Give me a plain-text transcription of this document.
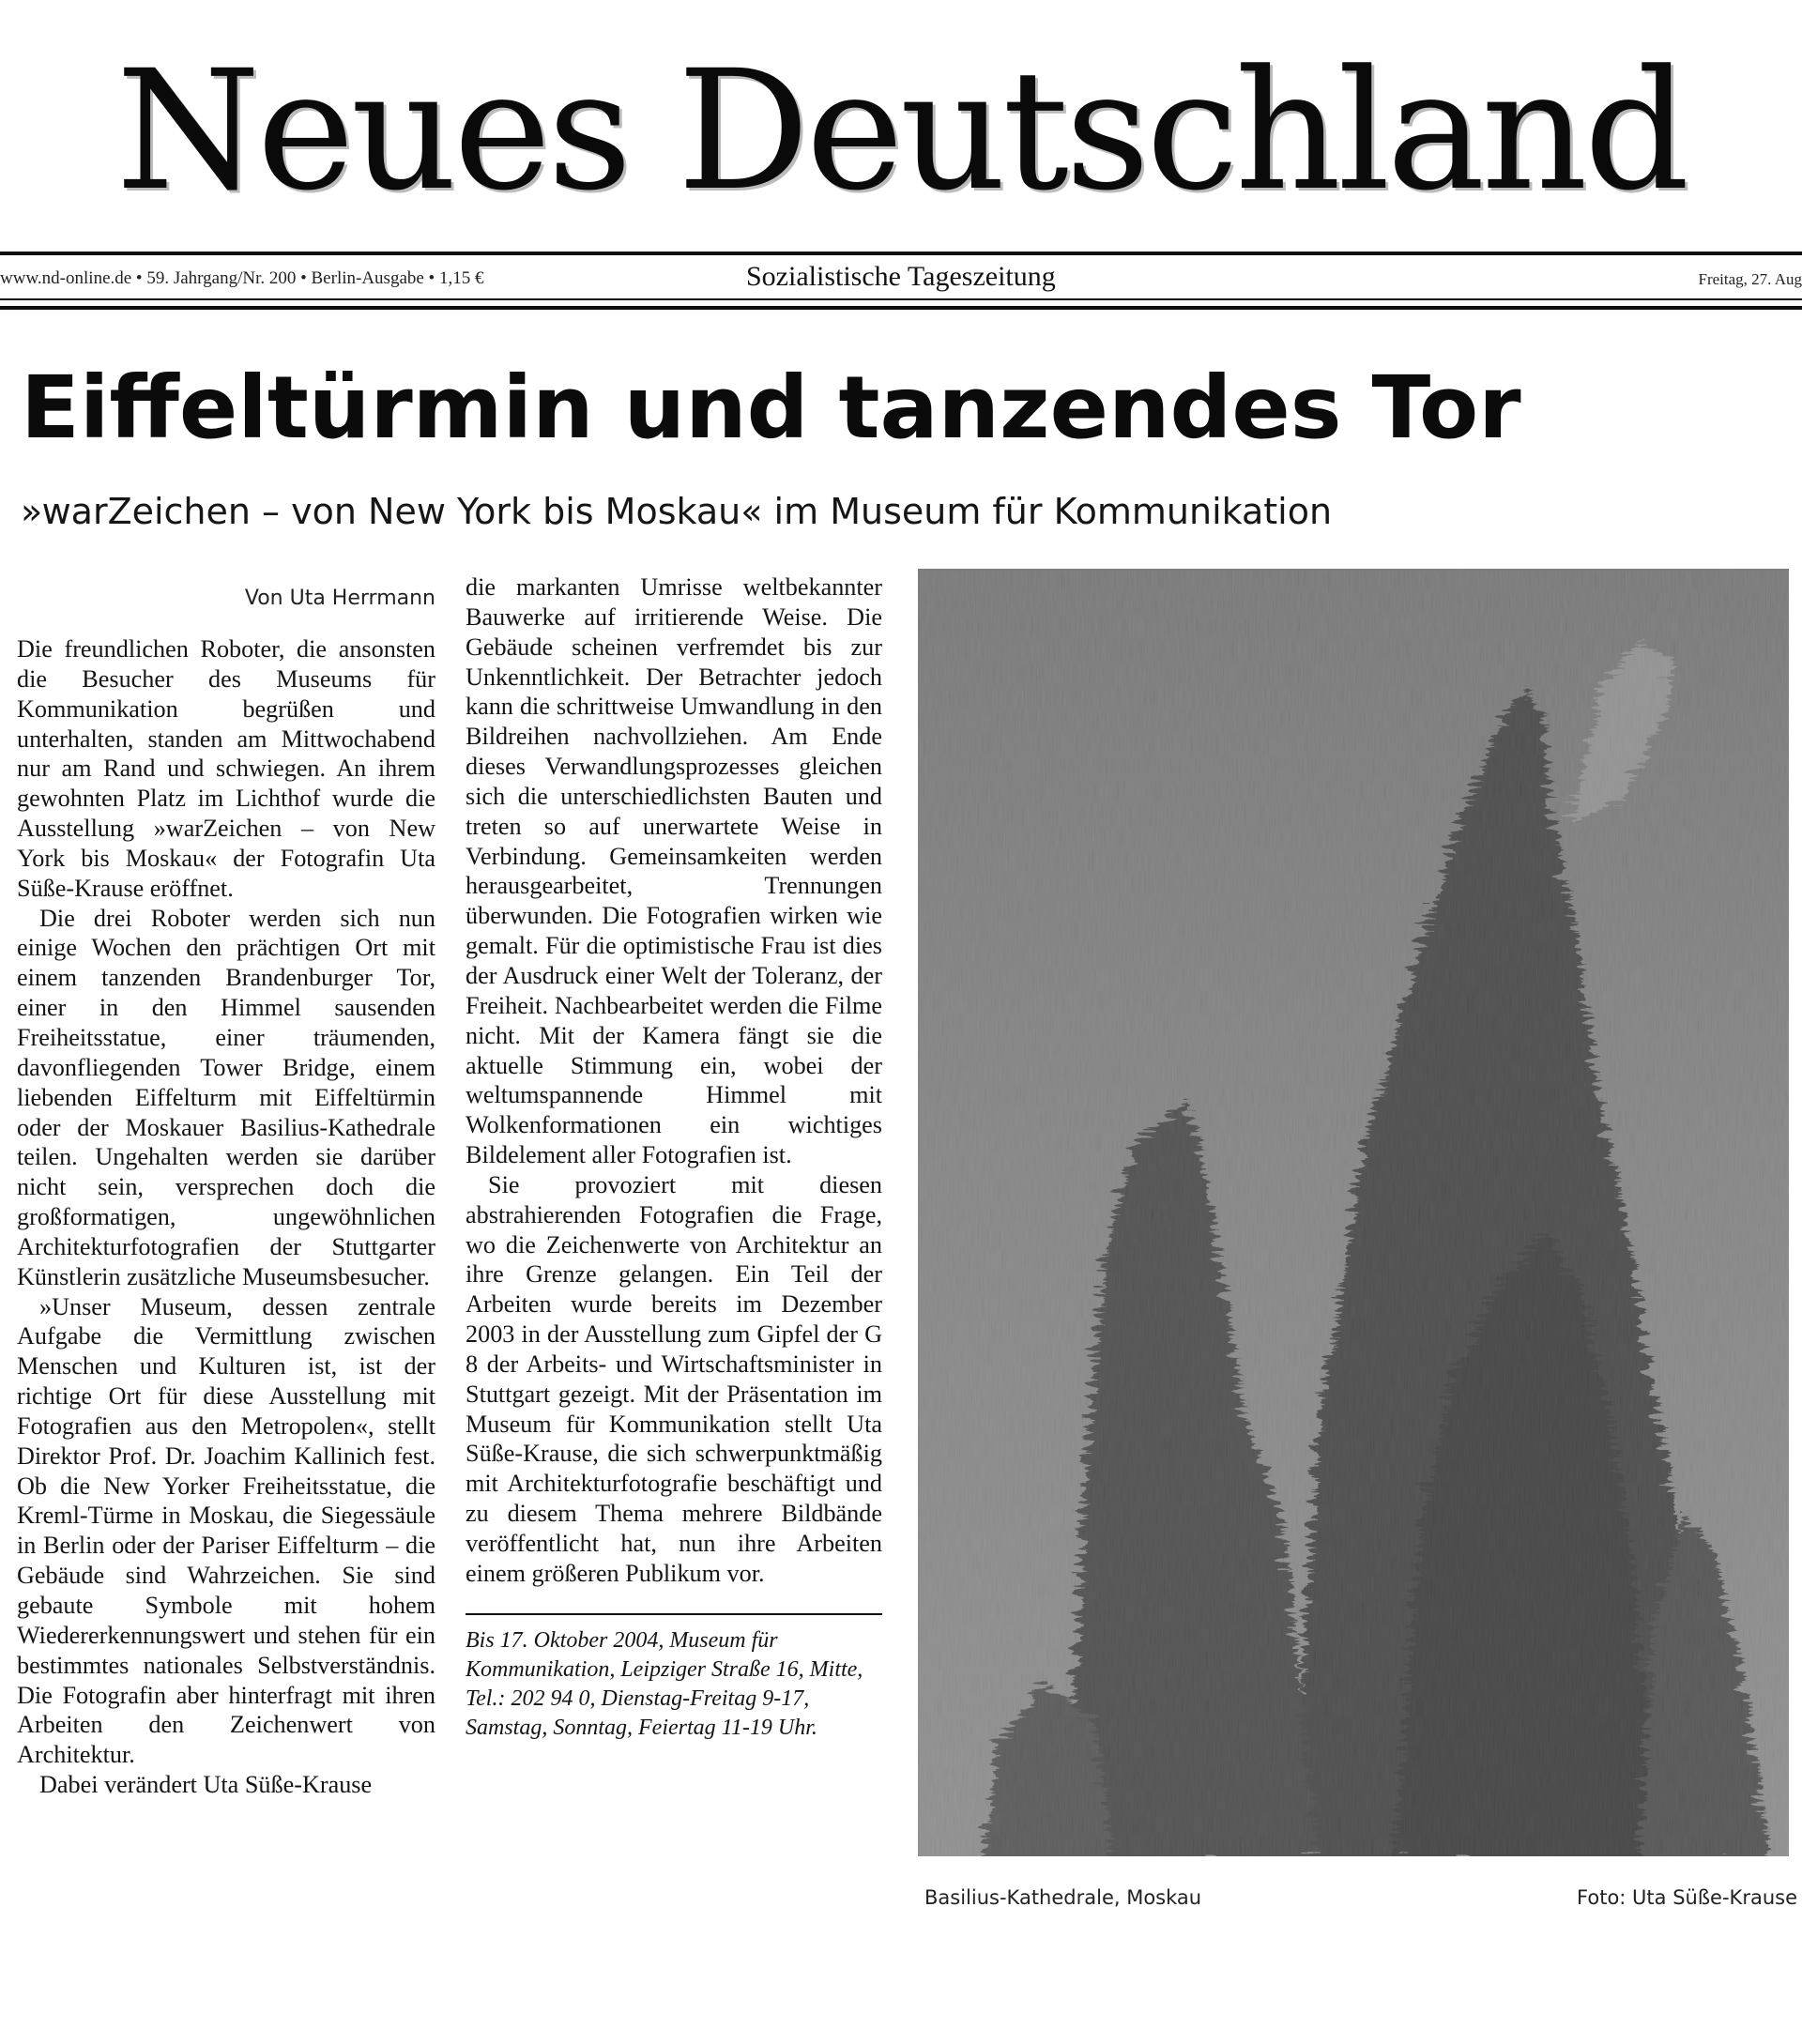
Neues Deutschland
www.nd-online.de • 59. Jahrgang/Nr. 200 • Berlin-Ausgabe • 1,15 €	Sozialistische Tageszeitung	Freitag, 27. Aug
Eiffeltürmin und tanzendes Tor
»warZeichen – von New York bis Moskau« im Museum für Kommunikation
Von Uta Herrmann

Die freundlichen Roboter, die ansonsten die Besucher des Museums für Kommunikation begrüßen und unterhalten, standen am Mittwochabend nur am Rand und schwiegen. An ihrem gewohnten Platz im Lichthof wurde die Ausstellung »warZeichen – von New York bis Moskau« der Fotografin Uta Süße-Krause eröffnet.

Die drei Roboter werden sich nun einige Wochen den prächtigen Ort mit einem tanzenden Brandenburger Tor, einer in den Himmel sausenden Freiheitsstatue, einer träumenden, davonfliegenden Tower Bridge, einem liebenden Eiffelturm mit Eiffeltürmin oder der Moskauer Basilius-Kathedrale teilen. Ungehalten werden sie darüber nicht sein, versprechen doch die großformatigen, ungewöhnlichen Architekturfotografien der Stuttgarter Künstlerin zusätzliche Museumsbesucher.

»Unser Museum, dessen zentrale Aufgabe die Vermittlung zwischen Menschen und Kulturen ist, ist der richtige Ort für diese Ausstellung mit Fotografien aus den Metropolen«, stellt Direktor Prof. Dr. Joachim Kallinich fest. Ob die New Yorker Freiheitsstatue, die Kreml-Türme in Moskau, die Siegessäule in Berlin oder der Pariser Eiffelturm – die Gebäude sind Wahrzeichen. Sie sind gebaute Symbole mit hohem Wiedererkennungswert und stehen für ein bestimmtes nationales Selbstverständnis. Die Fotografin aber hinterfragt mit ihren Arbeiten den Zeichenwert von Architektur.

Dabei verändert Uta Süße-Krause

die markanten Umrisse weltbekannter Bauwerke auf irritierende Weise. Die Gebäude scheinen verfremdet bis zur Unkenntlichkeit. Der Betrachter jedoch kann die schrittweise Umwandlung in den Bildreihen nachvollziehen. Am Ende dieses Verwandlungsprozesses gleichen sich die unterschiedlichsten Bauten und treten so auf unerwartete Weise in Verbindung. Gemeinsamkeiten werden herausgearbeitet, Trennungen überwunden. Die Fotografien wirken wie gemalt. Für die optimistische Frau ist dies der Ausdruck einer Welt der Toleranz, der Freiheit. Nachbearbeitet werden die Filme nicht. Mit der Kamera fängt sie die aktuelle Stimmung ein, wobei der weltumspannende Himmel mit Wolkenformationen ein wichtiges Bildelement aller Fotografien ist.

Sie provoziert mit diesen abstrahierenden Fotografien die Frage, wo die Zeichenwerte von Architektur an ihre Grenze gelangen. Ein Teil der Arbeiten wurde bereits im Dezember 2003 in der Ausstellung zum Gipfel der G 8 der Arbeits- und Wirtschaftsminister in Stuttgart gezeigt. Mit der Präsentation im Museum für Kommunikation stellt Uta Süße-Krause, die sich schwerpunktmäßig mit Architekturfotografie beschäftigt und zu diesem Thema mehrere Bildbände veröffentlicht hat, nun ihre Arbeiten einem größeren Publikum vor.

Bis 17. Oktober 2004, Museum für Kommunikation, Leipziger Straße 16, Mitte, Tel.: 202 94 0, Dienstag-Freitag 9-17, Samstag, Sonntag, Feiertag 11-19 Uhr.

Basilius-Kathedrale, Moskau	Foto: Uta Süße-Krause
